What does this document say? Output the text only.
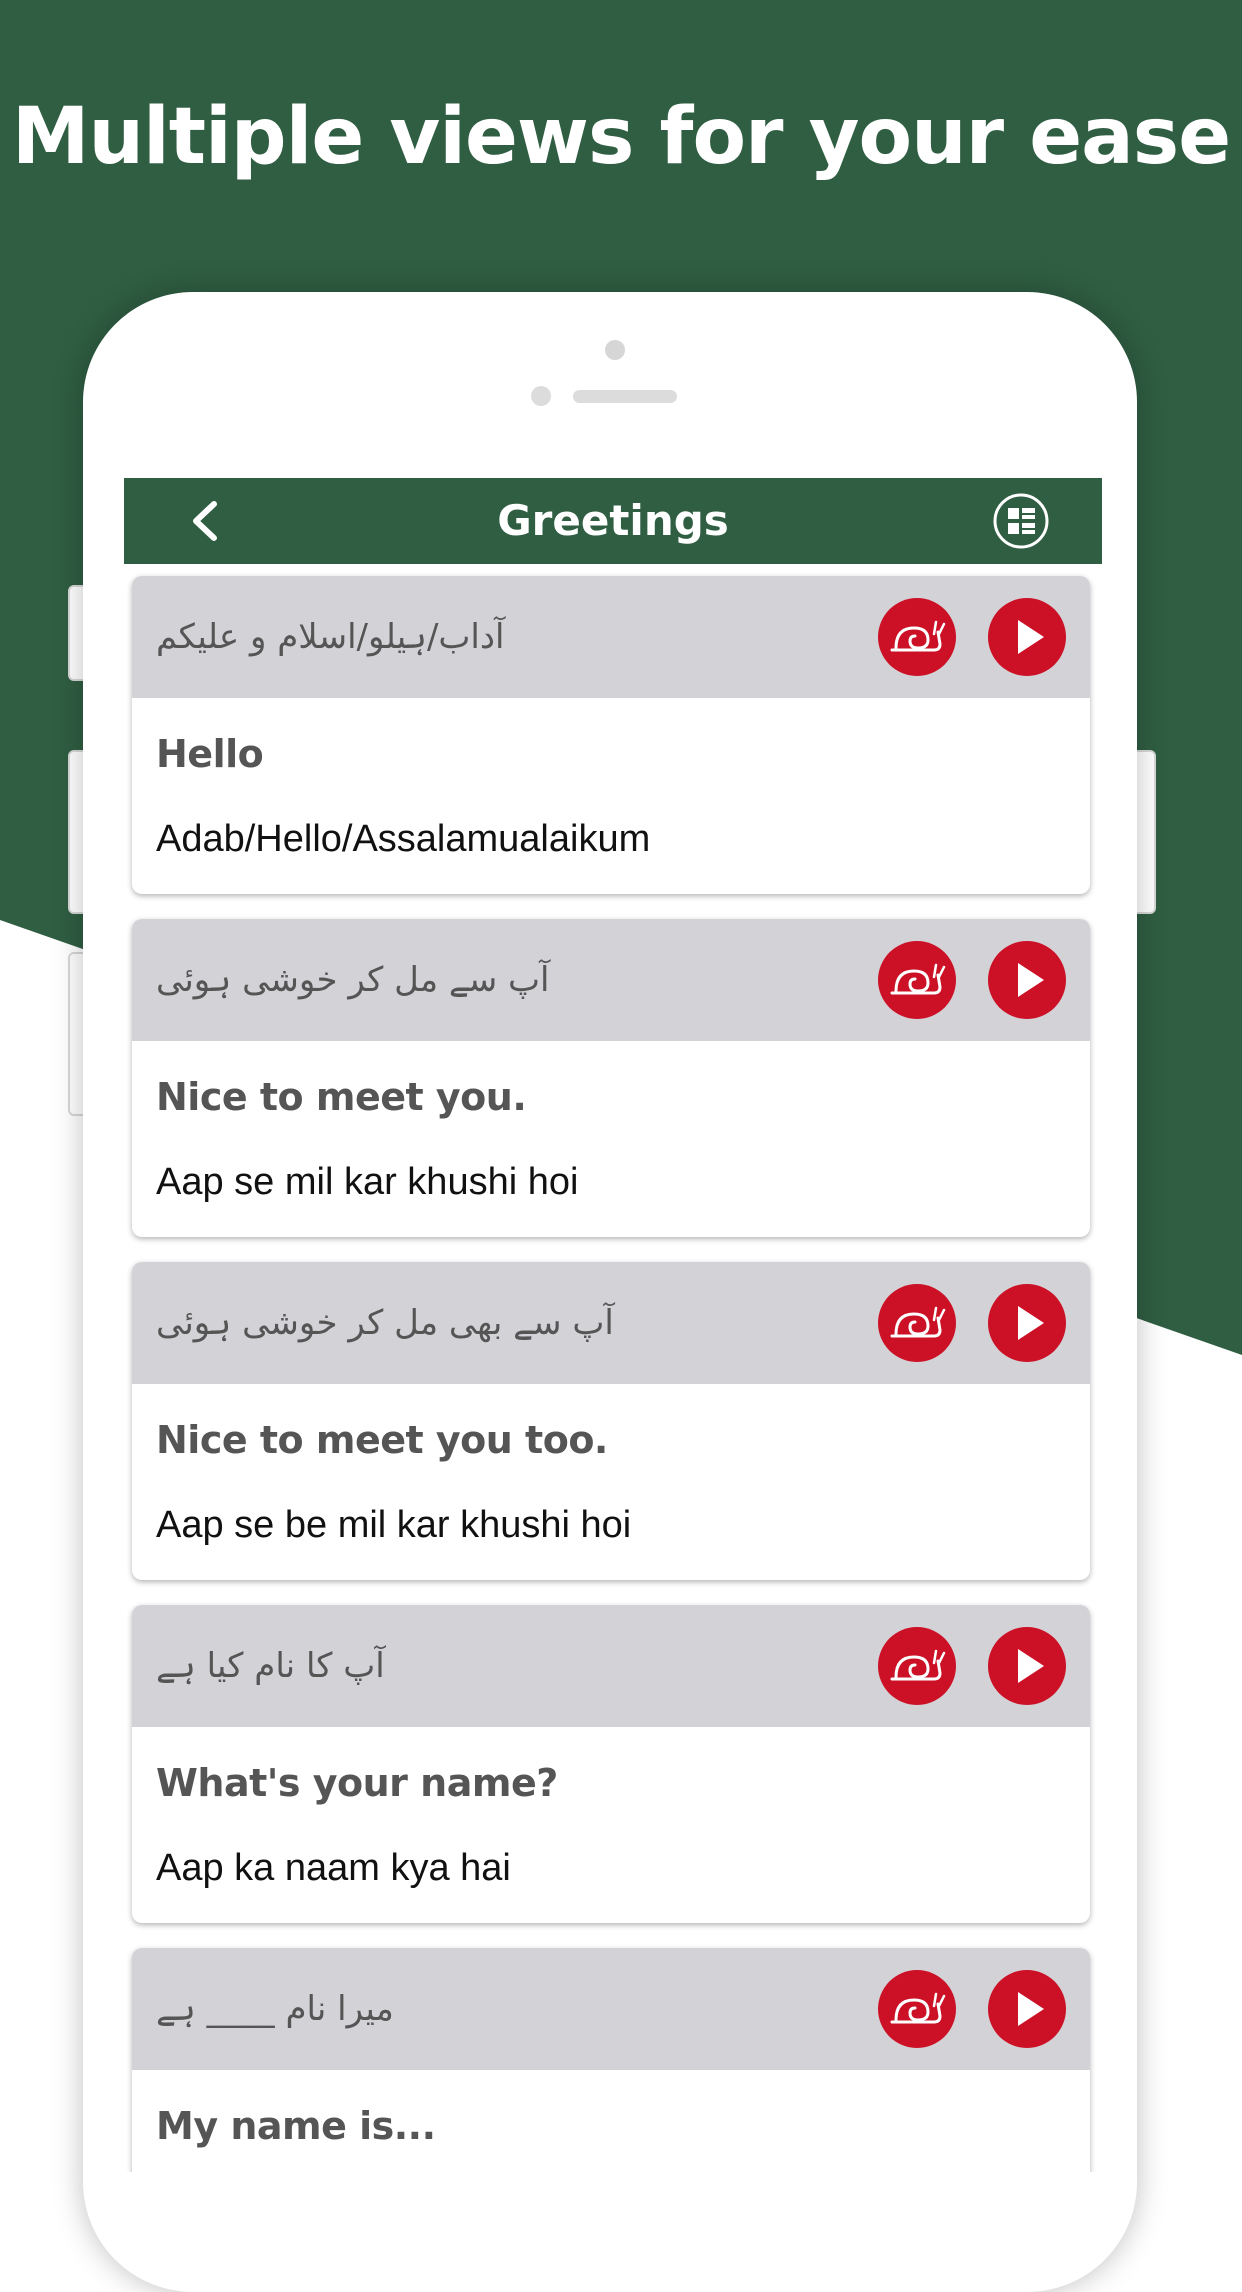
Multiple views for your ease
Greetings
آداب/ہیلو/اسلام و علیکم
Hello
Adab/Hello/Assalamualaikum
آپ سے مل کر خوشی ہوئی
Nice to meet you.
Aap se mil kar khushi hoi
آپ سے بھی مل کر خوشی ہوئی
Nice to meet you too.
Aap se be mil kar khushi hoi
آپ کا نام کیا ہے
What's your name?
Aap ka naam kya hai
میرا نام ____ ہے
My name is...
